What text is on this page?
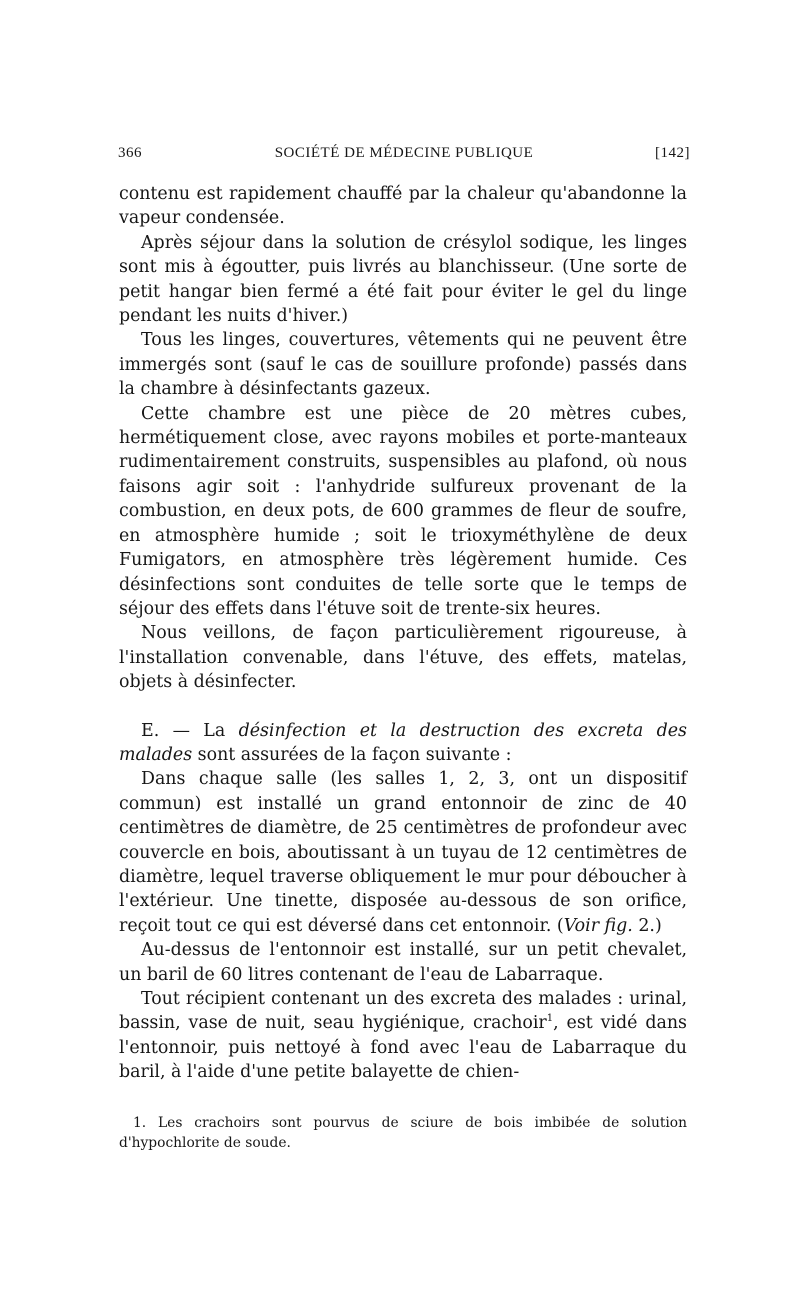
366	SOCIÉTÉ DE MÉDECINE PUBLIQUE	[142]

contenu est rapidement chauffé par la chaleur qu'abandonne la vapeur condensée.

Après séjour dans la solution de crésylol sodique, les linges sont mis à égoutter, puis livrés au blanchisseur. (Une sorte de petit hangar bien fermé a été fait pour éviter le gel du linge pendant les nuits d'hiver.)

Tous les linges, couvertures, vêtements qui ne peuvent être immergés sont (sauf le cas de souillure profonde) passés dans la chambre à désinfectants gazeux.

Cette chambre est une pièce de 20 mètres cubes, hermétiquement close, avec rayons mobiles et porte-manteaux rudimentairement construits, suspensibles au plafond, où nous faisons agir soit : l'anhydride sulfureux provenant de la combustion, en deux pots, de 600 grammes de fleur de soufre, en atmosphère humide ; soit le trioxyméthylène de deux Fumigators, en atmosphère très légèrement humide. Ces désinfections sont conduites de telle sorte que le temps de séjour des effets dans l'étuve soit de trente-six heures.

Nous veillons, de façon particulièrement rigoureuse, à l'installation convenable, dans l'étuve, des effets, matelas, objets à désinfecter.

E. — La désinfection et la destruction des excreta des malades sont assurées de la façon suivante :

Dans chaque salle (les salles 1, 2, 3, ont un dispositif commun) est installé un grand entonnoir de zinc de 40 centimètres de diamètre, de 25 centimètres de profondeur avec couvercle en bois, aboutissant à un tuyau de 12 centimètres de diamètre, lequel traverse obliquement le mur pour déboucher à l'extérieur. Une tinette, disposée au-dessous de son orifice, reçoit tout ce qui est déversé dans cet entonnoir. (Voir fig. 2.)

Au-dessus de l'entonnoir est installé, sur un petit chevalet, un baril de 60 litres contenant de l'eau de Labarraque.

Tout récipient contenant un des excreta des malades : urinal, bassin, vase de nuit, seau hygiénique, crachoir$^1$, est vidé dans l'entonnoir, puis nettoyé à fond avec l'eau de Labarraque du baril, à l'aide d'une petite balayette de chien-

1. Les crachoirs sont pourvus de sciure de bois imbibée de solution d'hypochlorite de soude.
